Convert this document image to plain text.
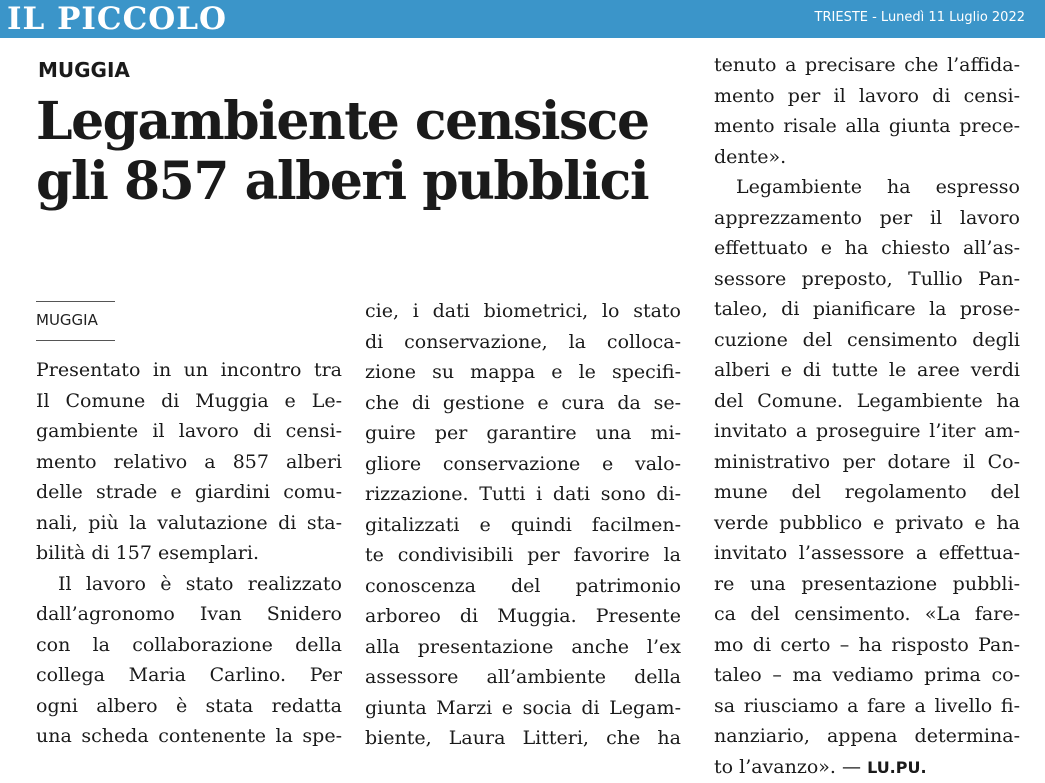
IL PICCOLO	TRIESTE - Lunedì 11 Luglio 2022
MUGGIA
Legambiente censisce
gli 857 alberi pubblici
MUGGIA
Presentato in un incontro tra
Il Comune di Muggia e Le-
gambiente il lavoro di censi-
mento relativo a 857 alberi
delle strade e giardini comu-
nali, più la valutazione di sta-
bilità di 157 esemplari.
Il lavoro è stato realizzato
dall’agronomo Ivan Snidero
con la collaborazione della
collega Maria Carlino. Per
ogni albero è stata redatta
una scheda contenente la spe-
cie, i dati biometrici, lo stato
di conservazione, la colloca-
zione su mappa e le specifi-
che di gestione e cura da se-
guire per garantire una mi-
gliore conservazione e valo-
rizzazione. Tutti i dati sono di-
gitalizzati e quindi facilmen-
te condivisibili per favorire la
conoscenza del patrimonio
arboreo di Muggia. Presente
alla presentazione anche l’ex
assessore all’ambiente della
giunta Marzi e socia di Legam-
biente, Laura Litteri, che ha
tenuto a precisare che l’affida-
mento per il lavoro di censi-
mento risale alla giunta prece-
dente».
Legambiente ha espresso
apprezzamento per il lavoro
effettuato e ha chiesto all’as-
sessore preposto, Tullio Pan-
taleo, di pianificare la prose-
cuzione del censimento degli
alberi e di tutte le aree verdi
del Comune. Legambiente ha
invitato a proseguire l’iter am-
ministrativo per dotare il Co-
mune del regolamento del
verde pubblico e privato e ha
invitato l’assessore a effettua-
re una presentazione pubbli-
ca del censimento. «La fare-
mo di certo – ha risposto Pan-
taleo – ma vediamo prima co-
sa riusciamo a fare a livello fi-
nanziario, appena determina-
to l’avanzo». — LU.PU.
